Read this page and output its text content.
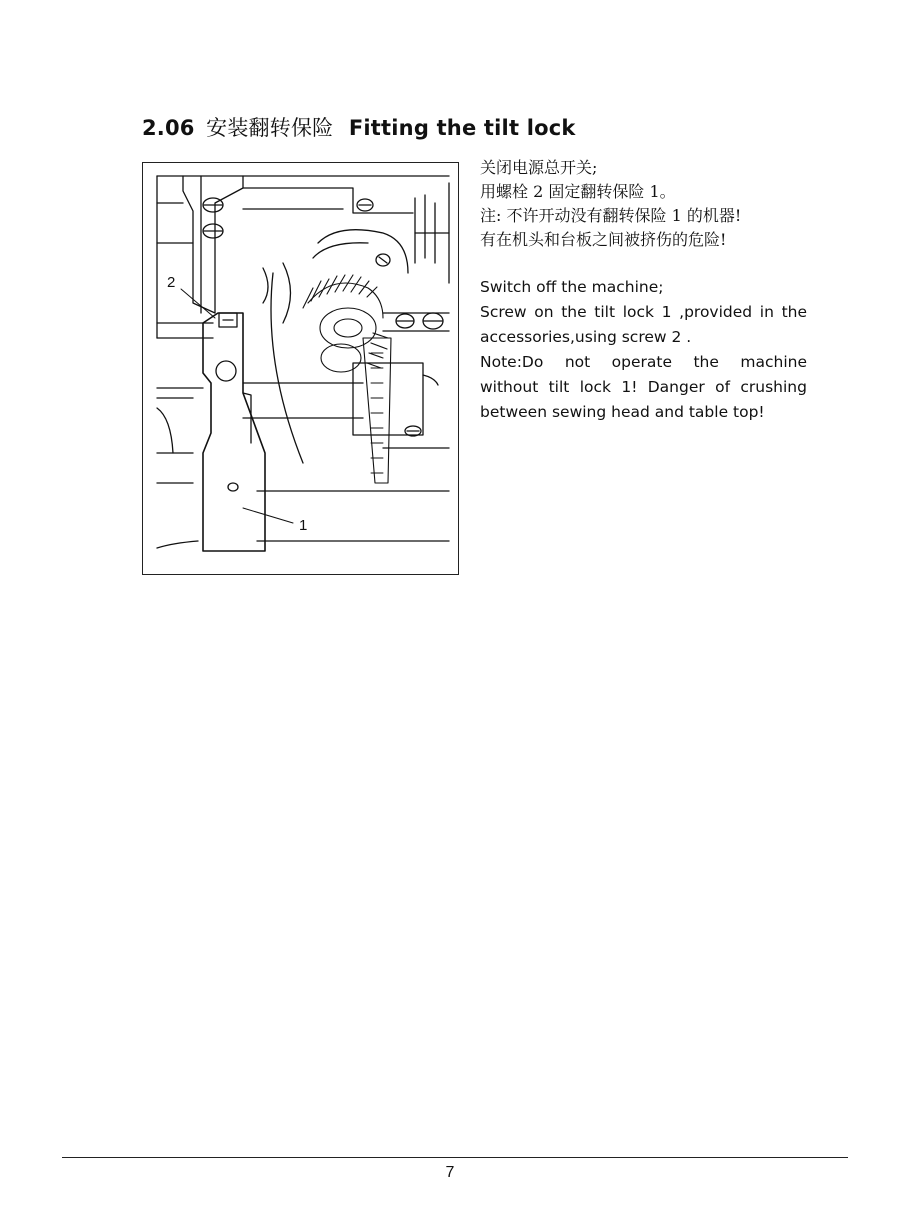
2.06 安装翻转保险 Fitting the tilt lock
2
1
关闭电源总开关;
用螺栓 2 固定翻转保险 1。
注: 不许开动没有翻转保险 1 的机器!
有在机头和台板之间被挤伤的危险!
Switch off the machine;
Screw on the tilt lock 1 ,provided in the
accessories,using screw 2 .
Note:Do not operate the machine
without tilt lock 1! Danger of crushing
between sewing head and table top!
7
